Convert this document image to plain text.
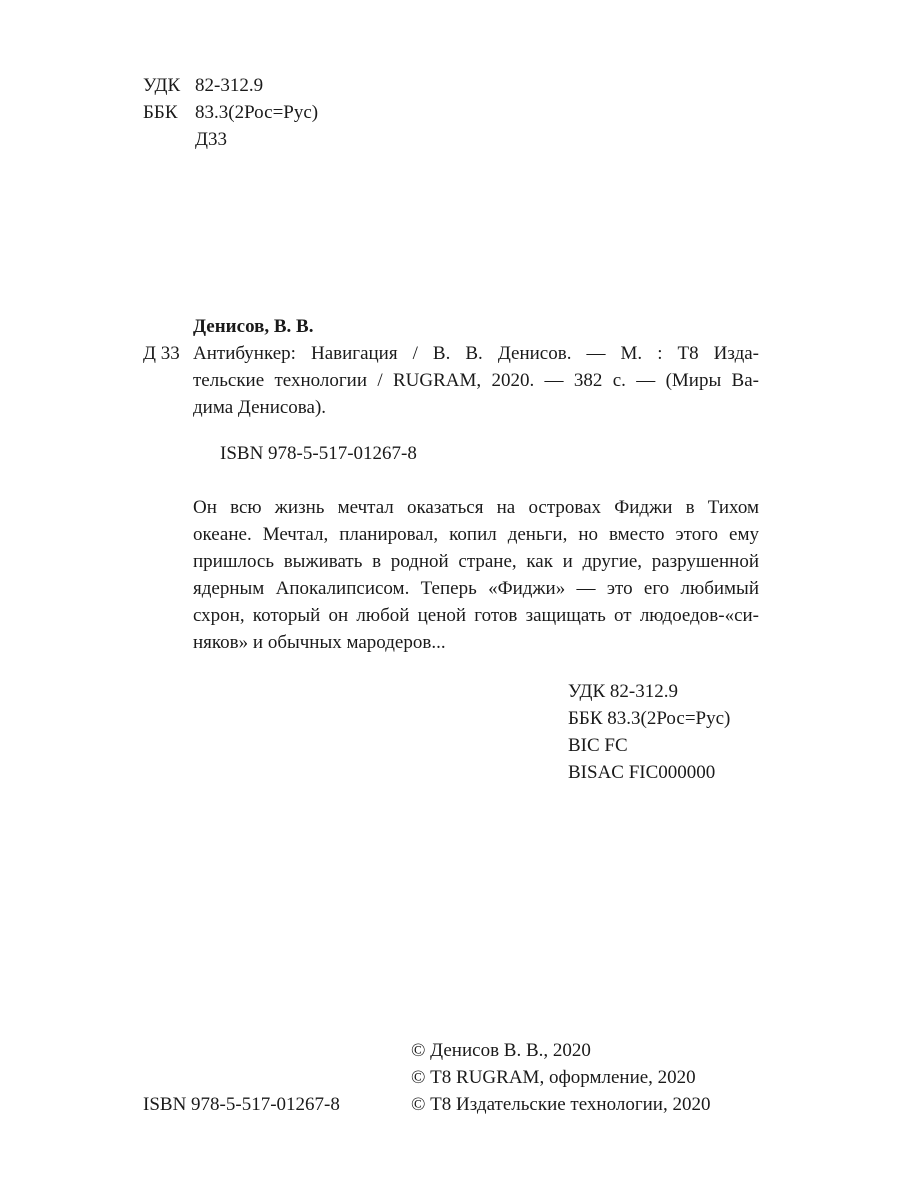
УДК 82-312.9
ББК 83.3(2Рос=Рус)
Д33
Денисов, В. В.
Д 33 Антибункер: Навигация / В. В. Денисов. — М. : Т8 Изда-
тельские технологии / RUGRAM, 2020. — 382 с. — (Миры Ва-
дима Денисова).
ISBN 978-5-517-01267-8
Он всю жизнь мечтал оказаться на островах Фиджи в Тихом
океане. Мечтал, планировал, копил деньги, но вместо этого ему
пришлось выживать в родной стране, как и другие, разрушенной
ядерным Апокалипсисом. Теперь «Фиджи» — это его любимый
схрон, который он любой ценой готов защищать от людоедов-«си-
няков» и обычных мародеров...
УДК 82-312.9
ББК 83.3(2Рос=Рус)
BIC FC
BISAC FIC000000
© Денисов В. В., 2020
© Т8 RUGRAM, оформление, 2020
© Т8 Издательские технологии, 2020
ISBN 978-5-517-01267-8
